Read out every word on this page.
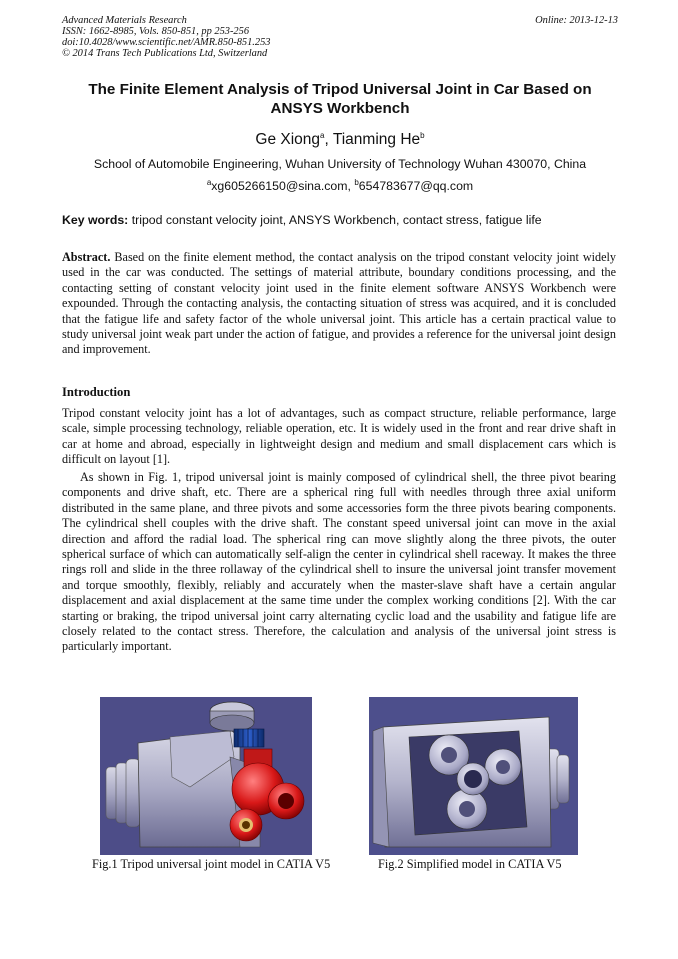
Advanced Materials Research
ISSN: 1662-8985, Vols. 850-851, pp 253-256
doi:10.4028/www.scientific.net/AMR.850-851.253
© 2014 Trans Tech Publications Ltd, Switzerland
Online: 2013-12-13
The Finite Element Analysis of Tripod Universal Joint in Car Based on
ANSYS Workbench
Ge Xiong$^a$, Tianming He$^b$
School of Automobile Engineering, Wuhan University of Technology Wuhan 430070, China
$^a$xg605266150@sina.com, $^b$654783677@qq.com
Key words: tripod constant velocity joint, ANSYS Workbench, contact stress, fatigue life
Abstract. Based on the finite element method, the contact analysis on the tripod constant velocity joint widely used in the car was conducted. The settings of material attribute, boundary conditions processing, and the contacting setting of constant velocity joint used in the finite element software ANSYS Workbench were expounded. Through the contacting analysis, the contacting situation of stress was acquired, and it is concluded that the fatigue life and safety factor of the whole universal joint. This article has a certain practical value to study universal joint weak part under the action of fatigue, and provides a reference for the universal joint design and improvement.
Introduction
Tripod constant velocity joint has a lot of advantages, such as compact structure, reliable performance, large scale, simple processing technology, reliable operation, etc. It is widely used in the front and rear drive shaft in car at home and abroad, especially in lightweight design and medium and small displacement cars which is difficult on layout [1].
As shown in Fig. 1, tripod universal joint is mainly composed of cylindrical shell, the three pivot bearing components and drive shaft, etc. There are a spherical ring full with needles through three axial uniform distributed in the same plane, and three pivots and some accessories form the three pivots bearing components. The cylindrical shell couples with the drive shaft. The constant speed universal joint can move in the axial direction and afford the radial load. The spherical ring can move slightly along the three pivots, the outer spherical surface of which can automatically self-align the center in cylindrical shell raceway. It makes the three rings roll and slide in the three rollaway of the cylindrical shell to insure the universal joint transfer movement and torque smoothly, flexibly, reliably and accurately when the master-slave shaft have a certain angular displacement and axial displacement at the same time under the complex working conditions [2]. With the car starting or braking, the tripod universal joint carry alternating cyclic load and the usability and fatigue life are closely related to the contact stress. Therefore, the calculation and analysis of the universal joint stress is particularly important.
Fig.1 Tripod universal joint model in CATIA V5	Fig.2 Simplified model in CATIA V5
